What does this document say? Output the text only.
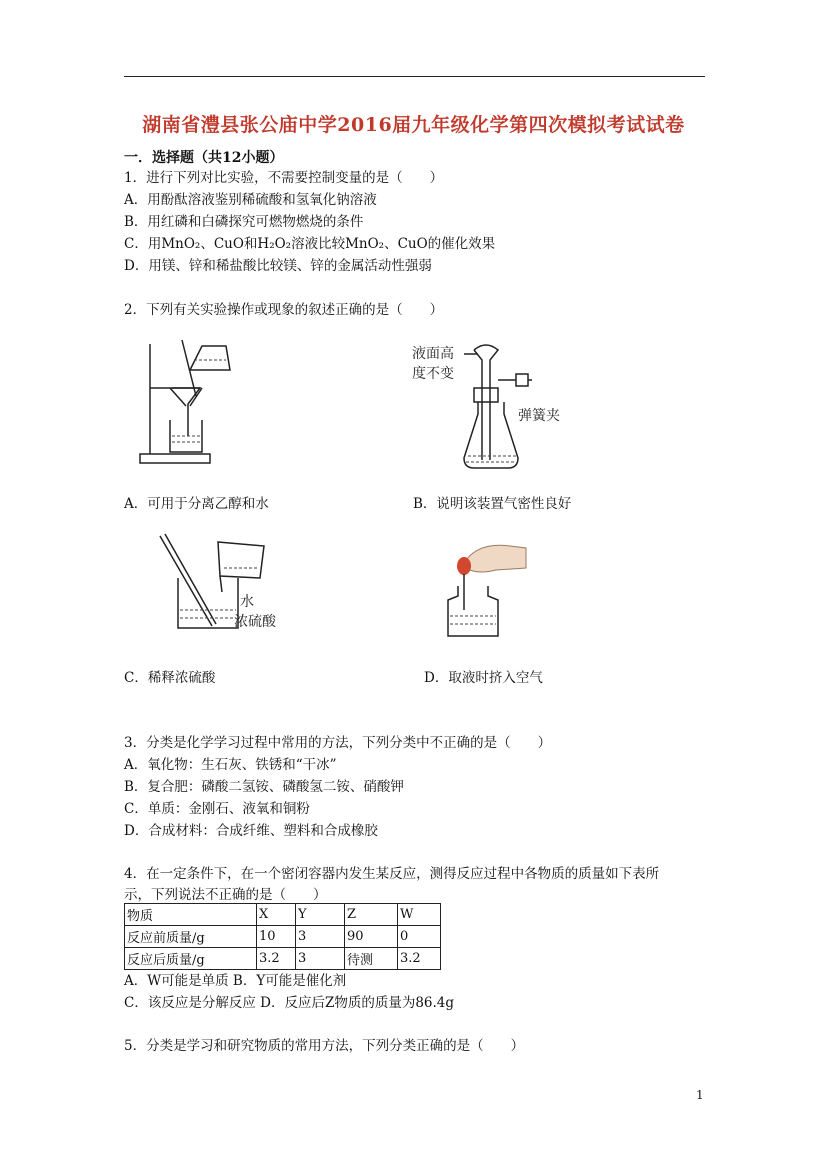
湖南省澧县张公庙中学2016届九年级化学第四次模拟考试试卷
一．选择题（共12小题）
1．进行下列对比实验，不需要控制变量的是（　　）
A．用酚酞溶液鉴别稀硫酸和氢氧化钠溶液
B．用红磷和白磷探究可燃物燃烧的条件
C．用MnO₂、CuO和H₂O₂溶液比较MnO₂、CuO的催化效果
D．用镁、锌和稀盐酸比较镁、锌的金属活动性强弱
2．下列有关实验操作或现象的叙述正确的是（　　）
液面高
度不变
弹簧夹
A．可用于分离乙醇和水	B．说明该装置气密性良好
水
浓硫酸
C．稀释浓硫酸	D．取液时挤入空气
3．分类是化学学习过程中常用的方法，下列分类中不正确的是（　　）
A．氧化物：生石灰、铁锈和“干冰”
B．复合肥：磷酸二氢铵、磷酸氢二铵、硝酸钾
C．单质：金刚石、液氧和铜粉
D．合成材料：合成纤维、塑料和合成橡胶
4．在一定条件下，在一个密闭容器内发生某反应，测得反应过程中各物质的质量如下表所
示，下列说法不正确的是（　　）
物质	X	Y	Z	W
反应前质量/g	10	3	90	0
反应后质量/g	3.2	3	待测	3.2
A．W可能是单质 B．Y可能是催化剂
C．该反应是分解反应 D．反应后Z物质的质量为86.4g
5．分类是学习和研究物质的常用方法，下列分类正确的是（　　）
1
